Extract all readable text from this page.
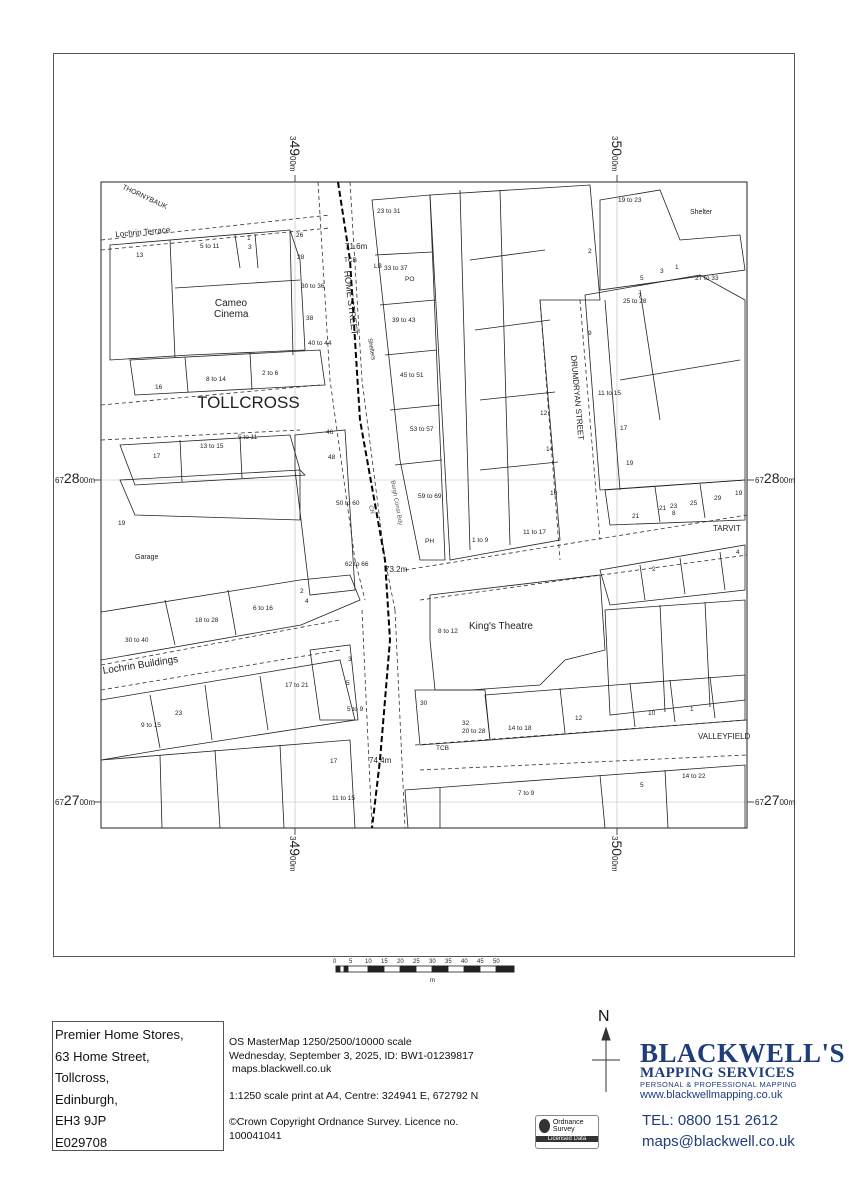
TOLLCROSS
HOME STREET
DRUMDRYAN STREET
Lochrin Buildings
Lochrin Terrace
THORNYBAUK
TARVIT
VALLEYFIELD
Cameo Cinema
King's Theatre
Garage
Shelter
Shelters
Burgh Const Bdy
CR
71.6m
73.2m
74.4m
TCB
LB
PO
PH
TCB
13
1
3
5 to 11
26
28
30 to 36
38
40 to 44
16
8 to 14
2 to 6
17
13 to 15
5 to 11
46
48
19
50 to 60
62 to 66
2
4
30 to 40
18 to 28
6 to 16
23 to 31
33 to 37
39 to 43
45 to 51
53 to 57
59 to 69
1 to 9
11 to 17
12
14
16
2
19 to 23
1
3
5	27 to 33
25 to 28
7
9
11 to 15
17
19
21 23 25
29
19
21	8
4
2
8 to 12
30
32
20 to 28	14 to 18
12
10
1
3
5
5 to 9
17 to 21
23
9 to 15
17
11 to 15
7 to 9
5
14 to 22
34900m
35000m
34900m
35000m
672800m	672800m
672700m	672700m
0 5 10 15 20 25 30 35 40 45 50
m
N
Premier Home Stores,
63 Home Street,
Tollcross,
Edinburgh,
EH3 9JP
E029708
OS MasterMap 1250/2500/10000 scale
Wednesday, September 3, 2025, ID: BW1-01239817
maps.blackwell.co.uk
1:1250 scale print at A4, Centre: 324941 E, 672792 N
©Crown Copyright Ordnance Survey. Licence no.
100041041
Ordnance Survey
Licensed Data
BLACKWELL'S
MAPPING SERVICES
PERSONAL & PROFESSIONAL MAPPING
www.blackwellmapping.co.uk
TEL: 0800 151 2612
maps@blackwell.co.uk
